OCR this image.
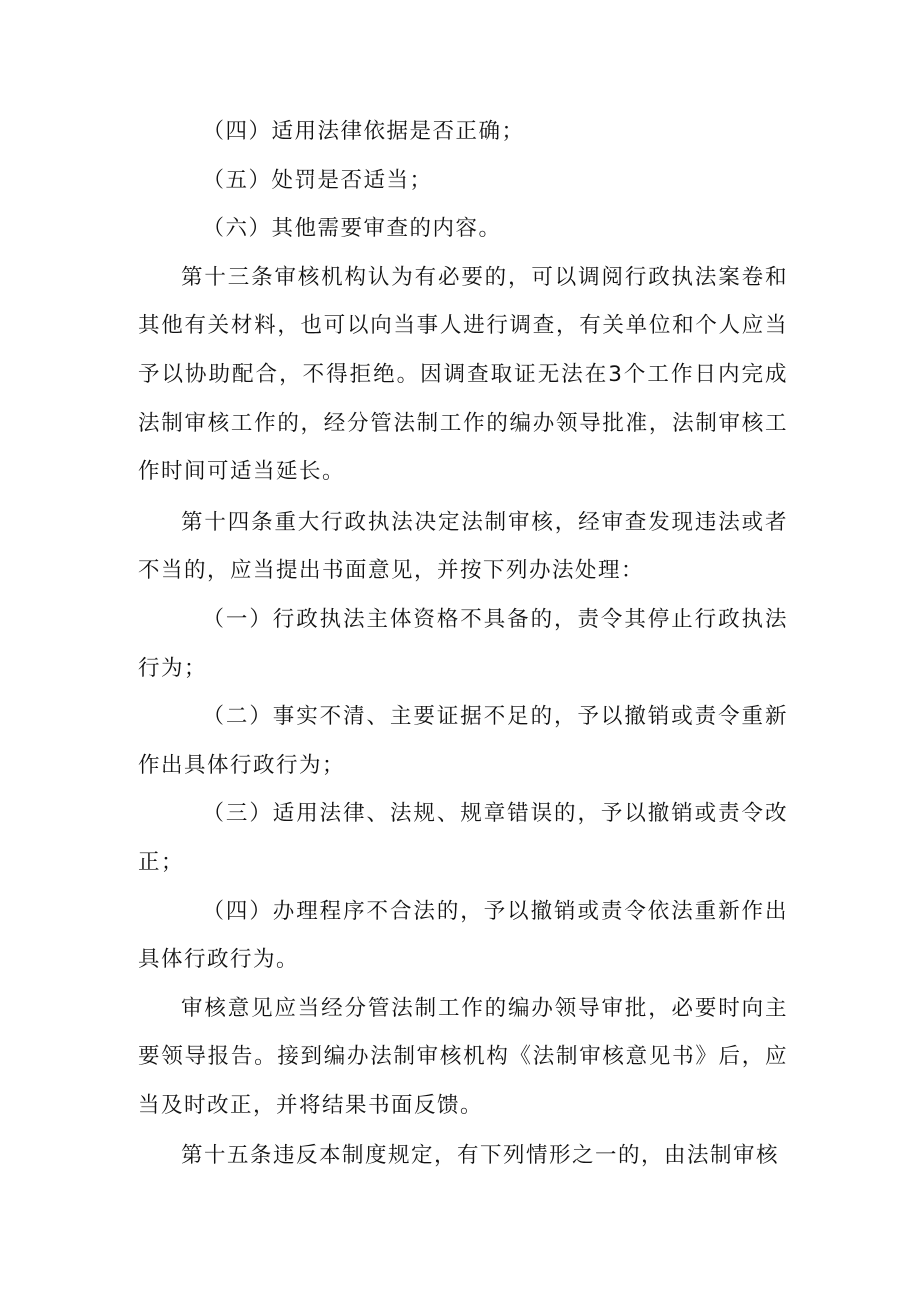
（四）适用法律依据是否正确；

（五）处罚是否适当；

（六）其他需要审查的内容。

第十三条审核机构认为有必要的，可以调阅行政执法案卷和其他有关材料，也可以向当事人进行调查，有关单位和个人应当予以协助配合，不得拒绝。因调查取证无法在3个工作日内完成法制审核工作的，经分管法制工作的编办领导批准，法制审核工作时间可适当延长。

第十四条重大行政执法决定法制审核，经审查发现违法或者不当的，应当提出书面意见，并按下列办法处理：

（一）行政执法主体资格不具备的，责令其停止行政执法行为；

（二）事实不清、主要证据不足的，予以撤销或责令重新作出具体行政行为；

（三）适用法律、法规、规章错误的，予以撤销或责令改正；

（四）办理程序不合法的，予以撤销或责令依法重新作出具体行政行为。

审核意见应当经分管法制工作的编办领导审批，必要时向主要领导报告。接到编办法制审核机构《法制审核意见书》后，应当及时改正，并将结果书面反馈。

第十五条违反本制度规定，有下列情形之一的，由法制审核
